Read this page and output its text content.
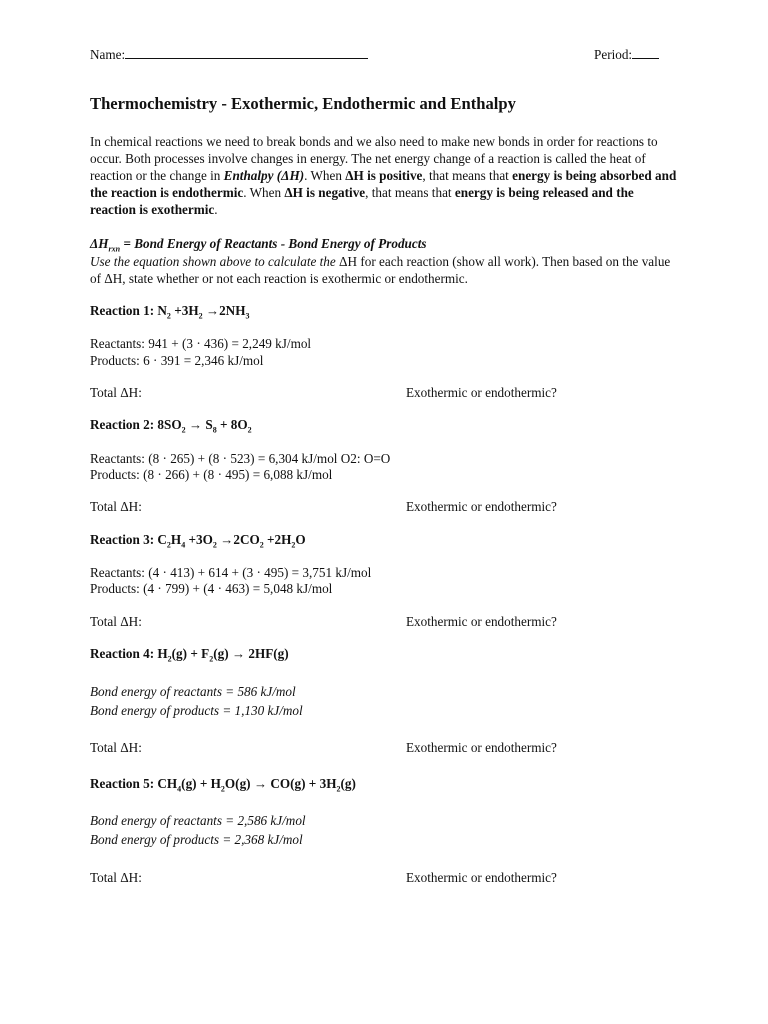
Name:	Period:
Thermochemistry - Exothermic, Endothermic and Enthalpy
In chemical reactions we need to break bonds and we also need to make new bonds in order for reactions to occur. Both processes involve changes in energy. The net energy change of a reaction is called the heat of reaction or the change in Enthalpy (ΔH). When ΔH is positive, that means that energy is being absorbed and the reaction is endothermic. When ΔH is negative, that means that energy is being released and the reaction is exothermic.
$\Delta H_{rxn}$ = Bond Energy of Reactants - Bond Energy of Products
Use the equation shown above to calculate the ΔH for each reaction (show all work). Then based on the value of ΔH, state whether or not each reaction is exothermic or endothermic.
Reaction 1: $N_2 +3H_2 \to 2NH_3$
Reactants: 941 + (3 · 436) = 2,249 kJ/mol
Products: 6 · 391 = 2,346 kJ/mol
Total ΔH:	Exothermic or endothermic?
Reaction 2: $8SO_2 \to S_8 + 8O_2$
Reactants: (8 · 265) + (8 · 523) = 6,304 kJ/mol O2: O=O
Products: (8 · 266) + (8 · 495) = 6,088 kJ/mol
Total ΔH:	Exothermic or endothermic?
Reaction 3: $C_2H_4 +3O_2 \to 2CO_2 +2H_2O$
Reactants: (4 · 413) + 614 + (3 · 495) = 3,751 kJ/mol
Products: (4 · 799) + (4 · 463) = 5,048 kJ/mol
Total ΔH:	Exothermic or endothermic?
Reaction 4: $H_2(g) + F_2(g) \to 2HF(g)$
Bond energy of reactants = 586 kJ/mol
Bond energy of products = 1,130 kJ/mol
Total ΔH:	Exothermic or endothermic?
Reaction 5: $CH_4(g) + H_2O(g) \to CO(g) + 3H_2(g)$
Bond energy of reactants = 2,586 kJ/mol
Bond energy of products = 2,368 kJ/mol
Total ΔH:	Exothermic or endothermic?
